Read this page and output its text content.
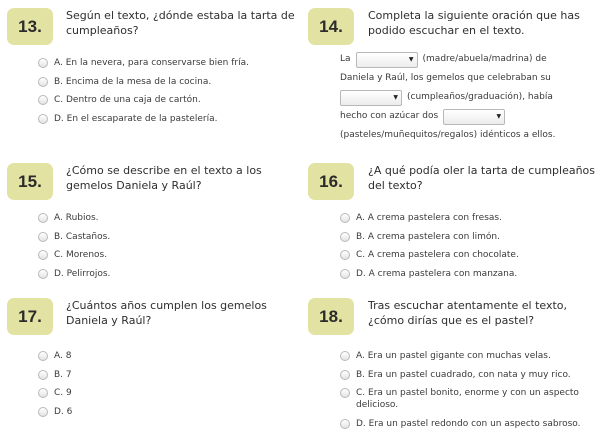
13.
Según el texto, ¿dónde estaba la tarta de
cumpleaños?
A. En la nevera, para conservarse bien fría.
B. Encima de la mesa de la cocina.
C. Dentro de una caja de cartón.
D. En el escaparate de la pastelería.
14.
Completa la siguiente oración que has
podido escuchar en el texto.
La	▼ (madre/abuela/madrina) de
Daniela y Raúl, los gemelos que celebraban su
▼ (cumpleaños/graduación), había
hecho con azúcar dos	▼
(pasteles/muñequitos/regalos) idénticos a ellos.
15.
¿Cómo se describe en el texto a los
gemelos Daniela y Raúl?
A. Rubios.
B. Castaños.
C. Morenos.
D. Pelirrojos.
16.
¿A qué podía oler la tarta de cumpleaños
del texto?
A. A crema pastelera con fresas.
B. A crema pastelera con limón.
C. A crema pastelera con chocolate.
D. A crema pastelera con manzana.
17.
¿Cuántos años cumplen los gemelos
Daniela y Raúl?
A. 8
B. 7
C. 9
D. 6
18.
Tras escuchar atentamente el texto,
¿cómo dirías que es el pastel?
A. Era un pastel gigante con muchas velas.
B. Era un pastel cuadrado, con nata y muy rico.
C. Era un pastel bonito, enorme y con un aspecto delicioso.
D. Era un pastel redondo con un aspecto sabroso.
